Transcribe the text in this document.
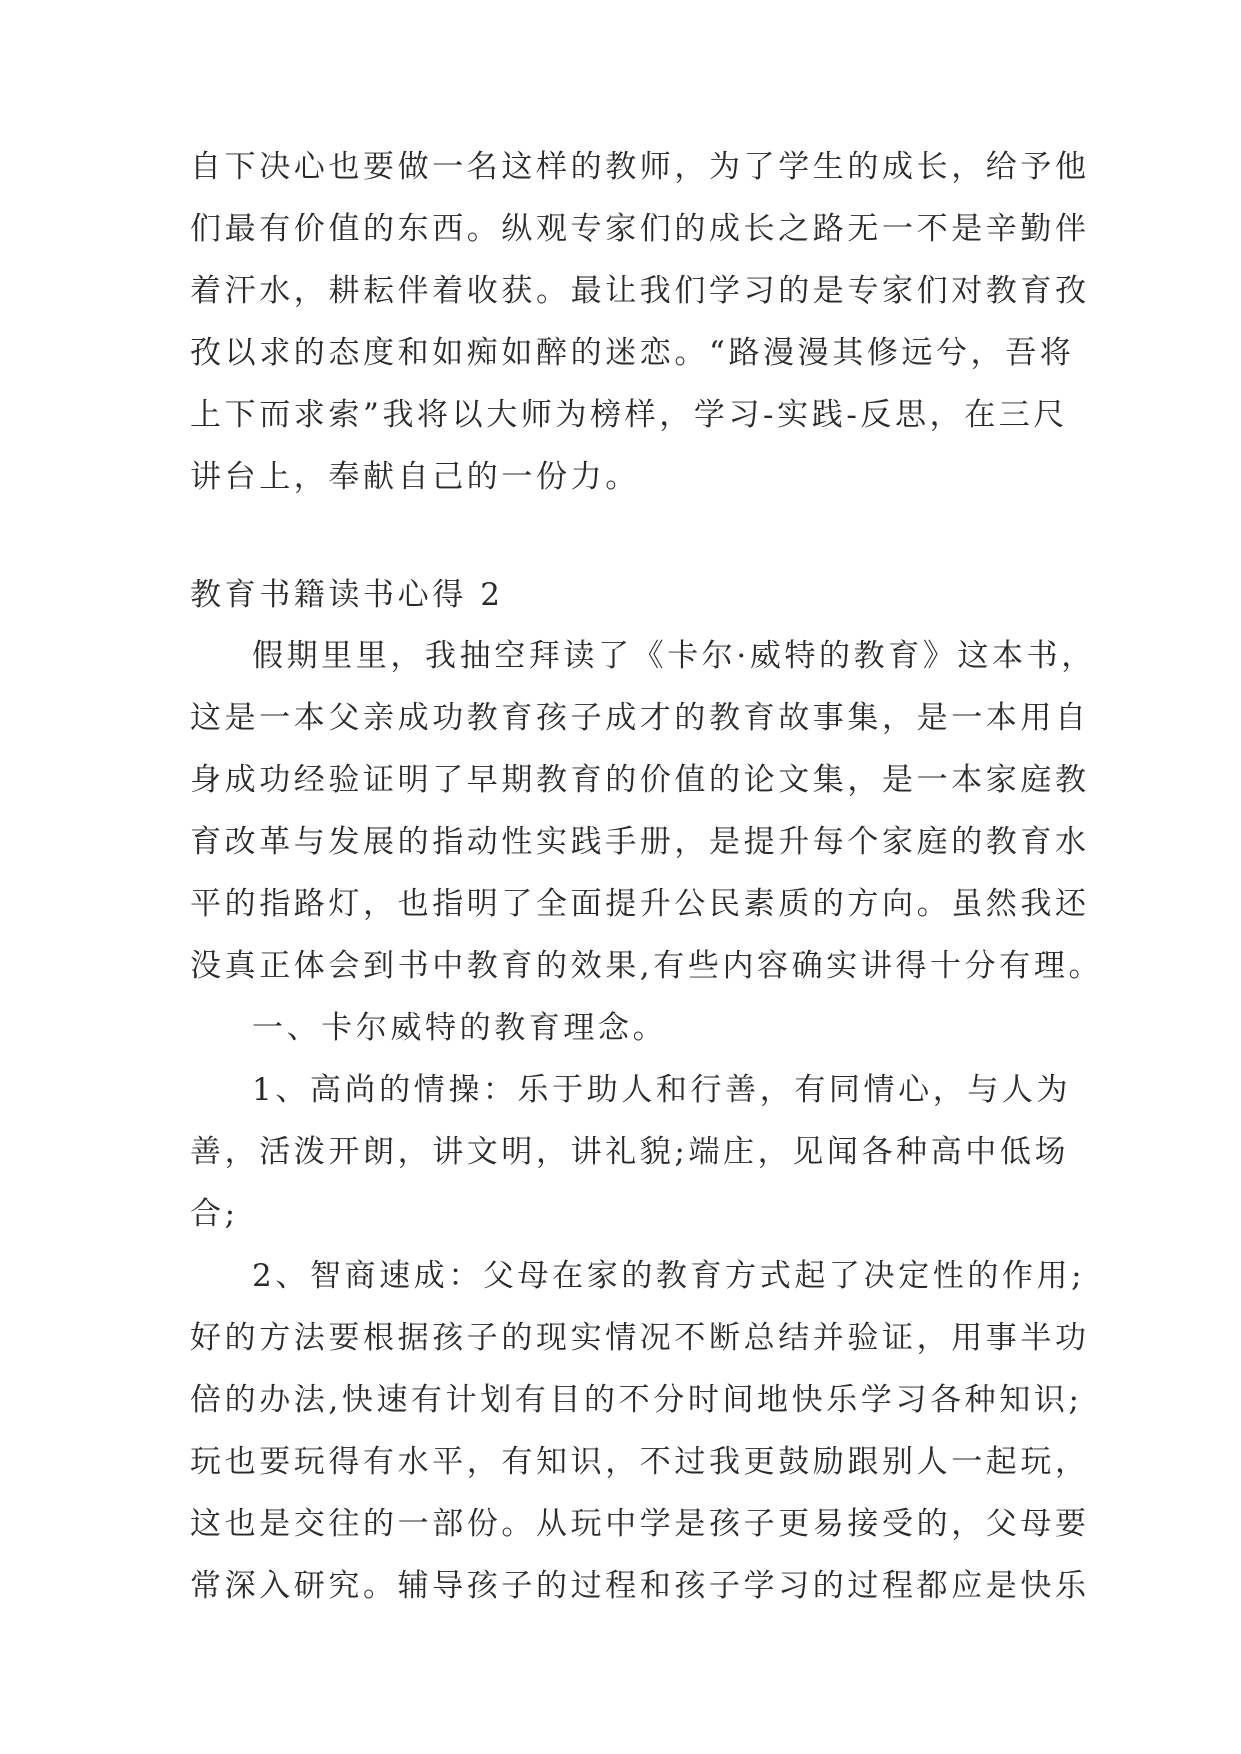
自下决心也要做一名这样的教师，为了学生的成长，给予他
们最有价值的东西。纵观专家们的成长之路无一不是辛勤伴
着汗水，耕耘伴着收获。最让我们学习的是专家们对教育孜
孜以求的态度和如痴如醉的迷恋。“路漫漫其修远兮，吾将
上下而求索”我将以大师为榜样，学习-实践-反思，在三尺
讲台上，奉献自己的一份力。
教育书籍读书心得 2
假期里里，我抽空拜读了《卡尔·威特的教育》这本书，
这是一本父亲成功教育孩子成才的教育故事集，是一本用自
身成功经验证明了早期教育的价值的论文集，是一本家庭教
育改革与发展的指动性实践手册，是提升每个家庭的教育水
平的指路灯，也指明了全面提升公民素质的方向。虽然我还
没真正体会到书中教育的效果,有些内容确实讲得十分有理。
一、卡尔威特的教育理念。
1、高尚的情操：乐于助人和行善，有同情心，与人为
善，活泼开朗，讲文明，讲礼貌;端庄，见闻各种高中低场
合;
2、智商速成：父母在家的教育方式起了决定性的作用;
好的方法要根据孩子的现实情况不断总结并验证，用事半功
倍的办法,快速有计划有目的不分时间地快乐学习各种知识;
玩也要玩得有水平，有知识，不过我更鼓励跟别人一起玩，
这也是交往的一部份。从玩中学是孩子更易接受的，父母要
常深入研究。辅导孩子的过程和孩子学习的过程都应是快乐
